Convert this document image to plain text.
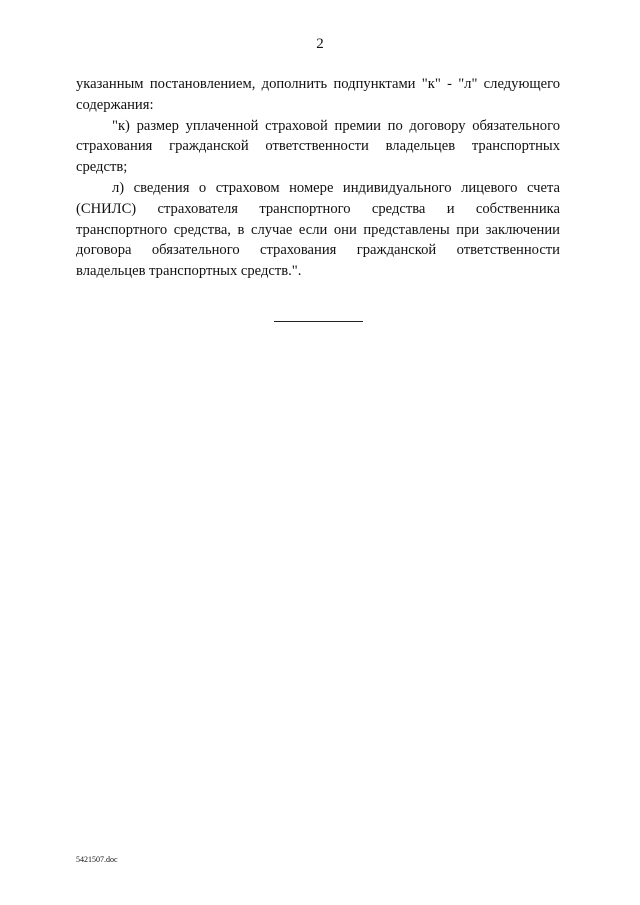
2

указанным постановлением, дополнить подпунктами "к" - "л" следующего содержания:

"к) размер уплаченной страховой премии по договору обязательного страхования гражданской ответственности владельцев транспортных средств;

л) сведения о страховом номере индивидуального лицевого счета (СНИЛС) страхователя транспортного средства и собственника транспортного средства, в случае если они представлены при заключении договора обязательного страхования гражданской ответственности владельцев транспортных средств.".

5421507.doc
